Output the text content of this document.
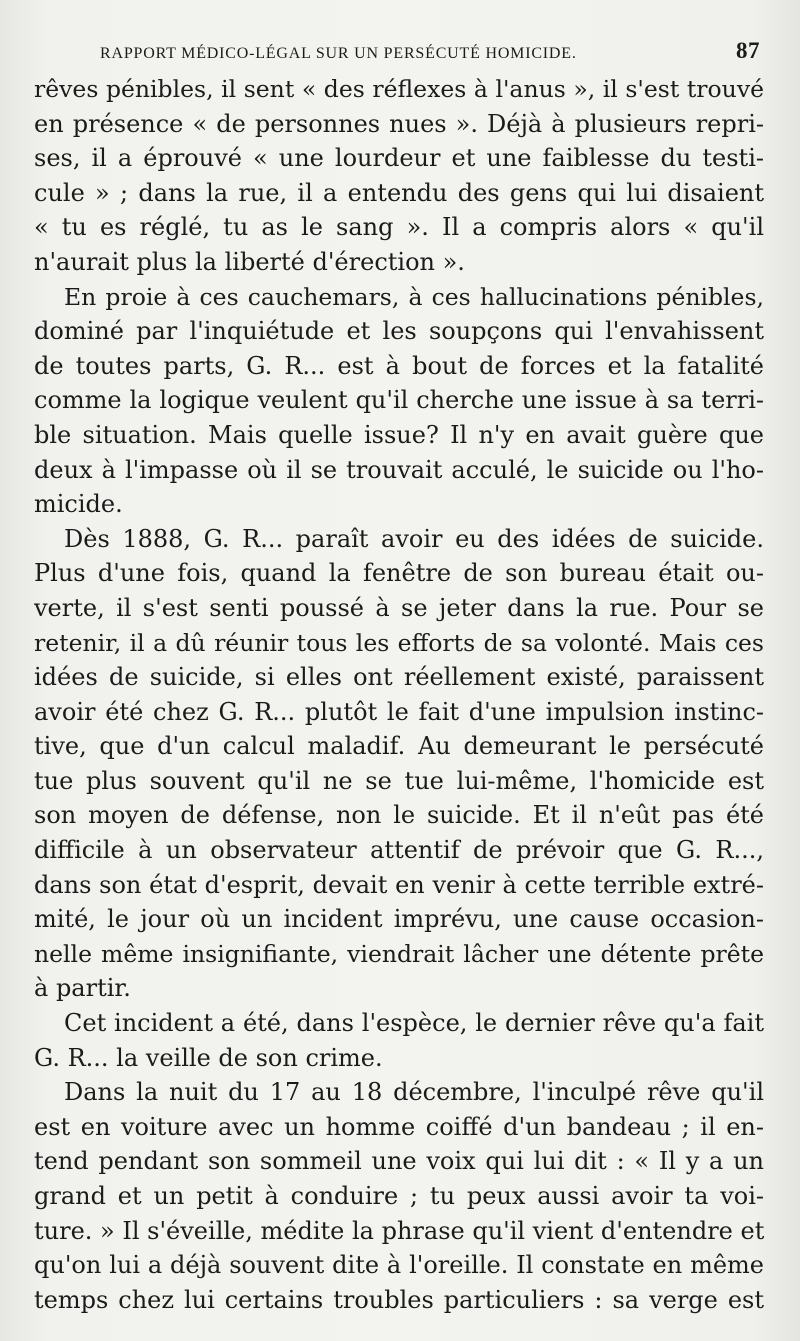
RAPPORT MÉDICO-LÉGAL SUR UN PERSÉCUTÉ HOMICIDE.	87
rêves pénibles, il sent « des réflexes à l'anus », il s'est trouvé
en présence « de personnes nues ». Déjà à plusieurs repri-
ses, il a éprouvé « une lourdeur et une faiblesse du testi-
cule » ; dans la rue, il a entendu des gens qui lui disaient
« tu es réglé, tu as le sang ». Il a compris alors « qu'il
n'aurait plus la liberté d'érection ».
En proie à ces cauchemars, à ces hallucinations pénibles,
dominé par l'inquiétude et les soupçons qui l'envahissent
de toutes parts, G. R... est à bout de forces et la fatalité
comme la logique veulent qu'il cherche une issue à sa terri-
ble situation. Mais quelle issue? Il n'y en avait guère que
deux à l'impasse où il se trouvait acculé, le suicide ou l'ho-
micide.
Dès 1888, G. R... paraît avoir eu des idées de suicide.
Plus d'une fois, quand la fenêtre de son bureau était ou-
verte, il s'est senti poussé à se jeter dans la rue. Pour se
retenir, il a dû réunir tous les efforts de sa volonté. Mais ces
idées de suicide, si elles ont réellement existé, paraissent
avoir été chez G. R... plutôt le fait d'une impulsion instinc-
tive, que d'un calcul maladif. Au demeurant le persécuté
tue plus souvent qu'il ne se tue lui-même, l'homicide est
son moyen de défense, non le suicide. Et il n'eût pas été
difficile à un observateur attentif de prévoir que G. R...,
dans son état d'esprit, devait en venir à cette terrible extré-
mité, le jour où un incident imprévu, une cause occasion-
nelle même insignifiante, viendrait lâcher une détente prête
à partir.
Cet incident a été, dans l'espèce, le dernier rêve qu'a fait
G. R... la veille de son crime.
Dans la nuit du 17 au 18 décembre, l'inculpé rêve qu'il
est en voiture avec un homme coiffé d'un bandeau ; il en-
tend pendant son sommeil une voix qui lui dit : « Il y a un
grand et un petit à conduire ; tu peux aussi avoir ta voi-
ture. » Il s'éveille, médite la phrase qu'il vient d'entendre et
qu'on lui a déjà souvent dite à l'oreille. Il constate en même
temps chez lui certains troubles particuliers : sa verge est
